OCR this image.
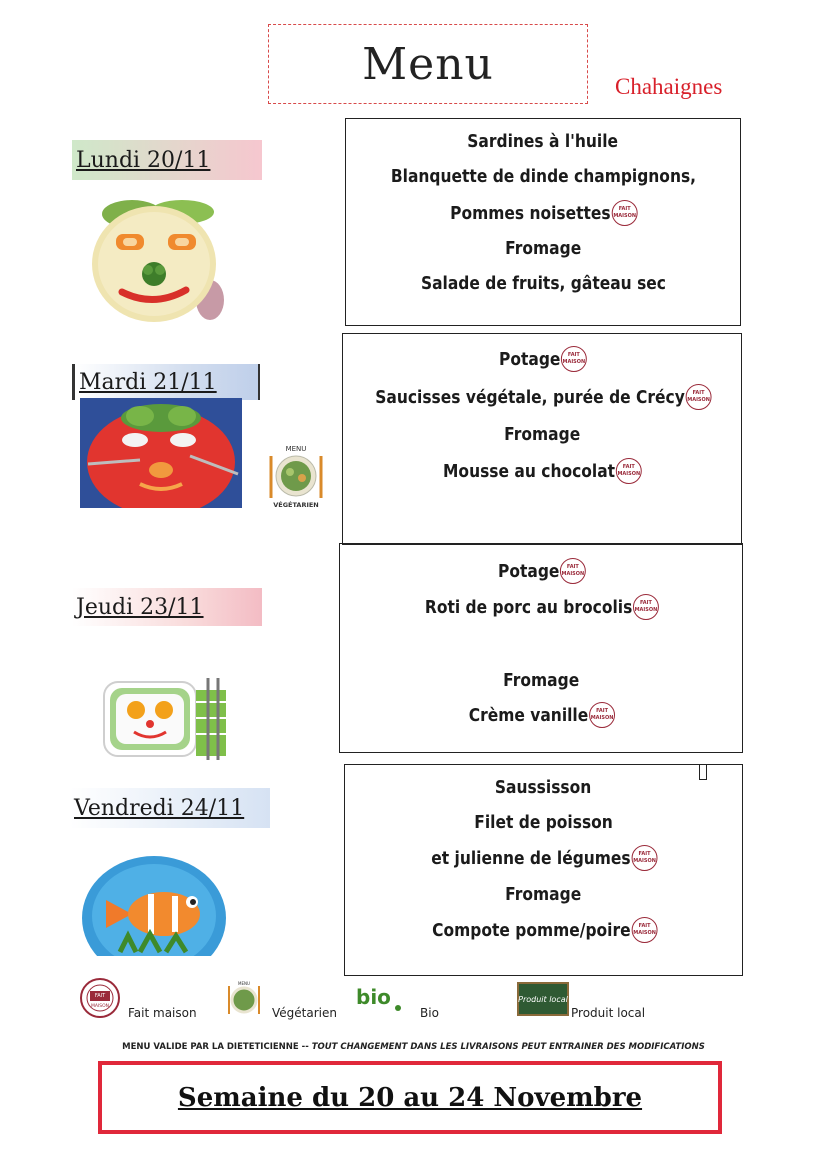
Menu	Chahaignes
Lundi 20/11
Mardi 21/11
Jeudi 23/11
Vendredi 24/11
MENU
VÉGÉTARIEN
Sardines à l'huile
Blanquette de dinde champignons,
Pommes noisettes	FAIT
MAISON
Fromage
Salade de fruits, gâteau sec
Potage	FAIT
MAISON
Saucisses végétale, purée de Crécy	FAIT
MAISON
Fromage
Mousse au chocolat	FAIT
MAISON
Potage	FAIT
MAISON
Roti de porc au brocolis	FAIT
MAISON
Fromage
Crème vanille	FAIT
MAISON
Saussisson
Filet de poisson
et julienne de légumes	FAIT
MAISON
Fromage
Compote pomme/poire	FAIT
MAISON
FAIT
MAISON Fait maison
MENU
Végétarien
bio
Bio
Produit local
Produit local
MENU VALIDE PAR LA DIETETICIENNE -- TOUT CHANGEMENT DANS LES LIVRAISONS PEUT ENTRAINER DES MODIFICATIONS
Semaine du 20 au 24 Novembre
